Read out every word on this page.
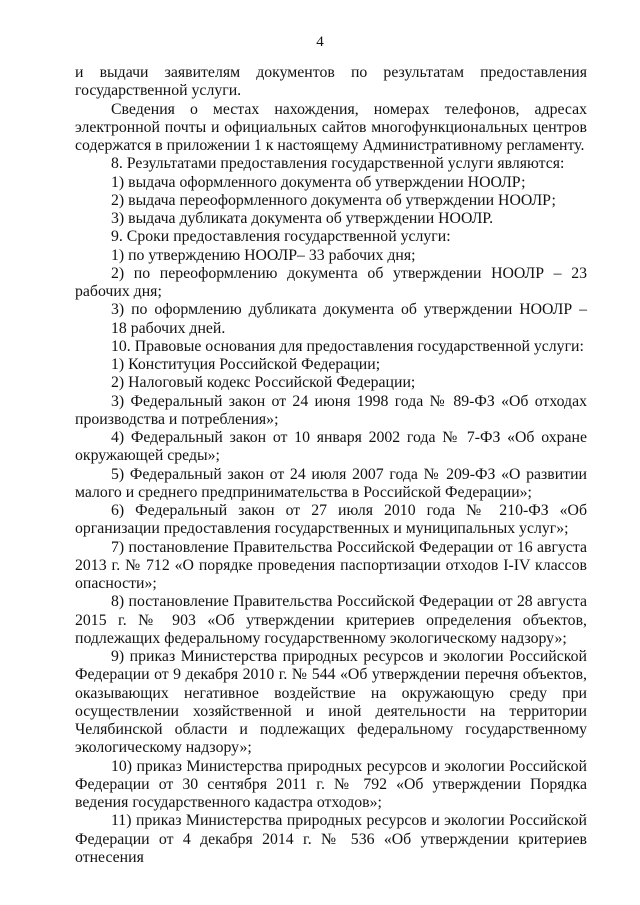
4

и выдачи заявителям документов по результатам предоставления

государственной услуги.

Сведения о местах нахождения, номерах телефонов, адресах электронной почты и официальных сайтов многофункциональных центров содержатся в приложении 1 к настоящему Административному регламенту.

8. Результатами предоставления государственной услуги являются:

1) выдача оформленного документа об утверждении НООЛР;

2) выдача переоформленного документа об утверждении НООЛР;

3) выдача дубликата документа об утверждении НООЛР.

9. Сроки предоставления государственной услуги:

1) по утверждению НООЛР– 33 рабочих дня;

2) по переоформлению документа об утверждении НООЛР – 23 рабочих дня;

3) по оформлению дубликата документа об утверждении НООЛР –

18 рабочих дней.

10. Правовые основания для предоставления государственной услуги:

1) Конституция Российской Федерации;

2) Налоговый кодекс Российской Федерации;

3) Федеральный закон от 24 июня 1998 года № 89-ФЗ «Об отходах производства и потребления»;

4) Федеральный закон от 10 января 2002 года № 7-ФЗ «Об охране окружающей среды»;

5) Федеральный закон от 24 июля 2007 года № 209-ФЗ «О развитии малого и среднего предпринимательства в Российской Федерации»;

6) Федеральный закон от 27 июля 2010 года № 210-ФЗ «Об организации предоставления государственных и муниципальных услуг»;

7) постановление Правительства Российской Федерации от 16 августа 2013 г. № 712 «О порядке проведения паспортизации отходов I-IV классов опасности»;

8) постановление Правительства Российской Федерации от 28 августа 2015 г. № 903 «Об утверждении критериев определения объектов, подлежащих федеральному государственному экологическому надзору»;

9) приказ Министерства природных ресурсов и экологии Российской Федерации от 9 декабря 2010 г. № 544 «Об утверждении перечня объектов,

оказывающих негативное воздействие на окружающую среду при

осуществлении хозяйственной и иной деятельности на территории

Челябинской области и подлежащих федеральному государственному

экологическому надзору»;

10) приказ Министерства природных ресурсов и экологии Российской Федерации от 30 сентября 2011 г. № 792 «Об утверждении Порядка ведения государственного кадастра отходов»;

11) приказ Министерства природных ресурсов и экологии Российской Федерации от 4 декабря 2014 г. № 536 «Об утверждении критериев отнесения
